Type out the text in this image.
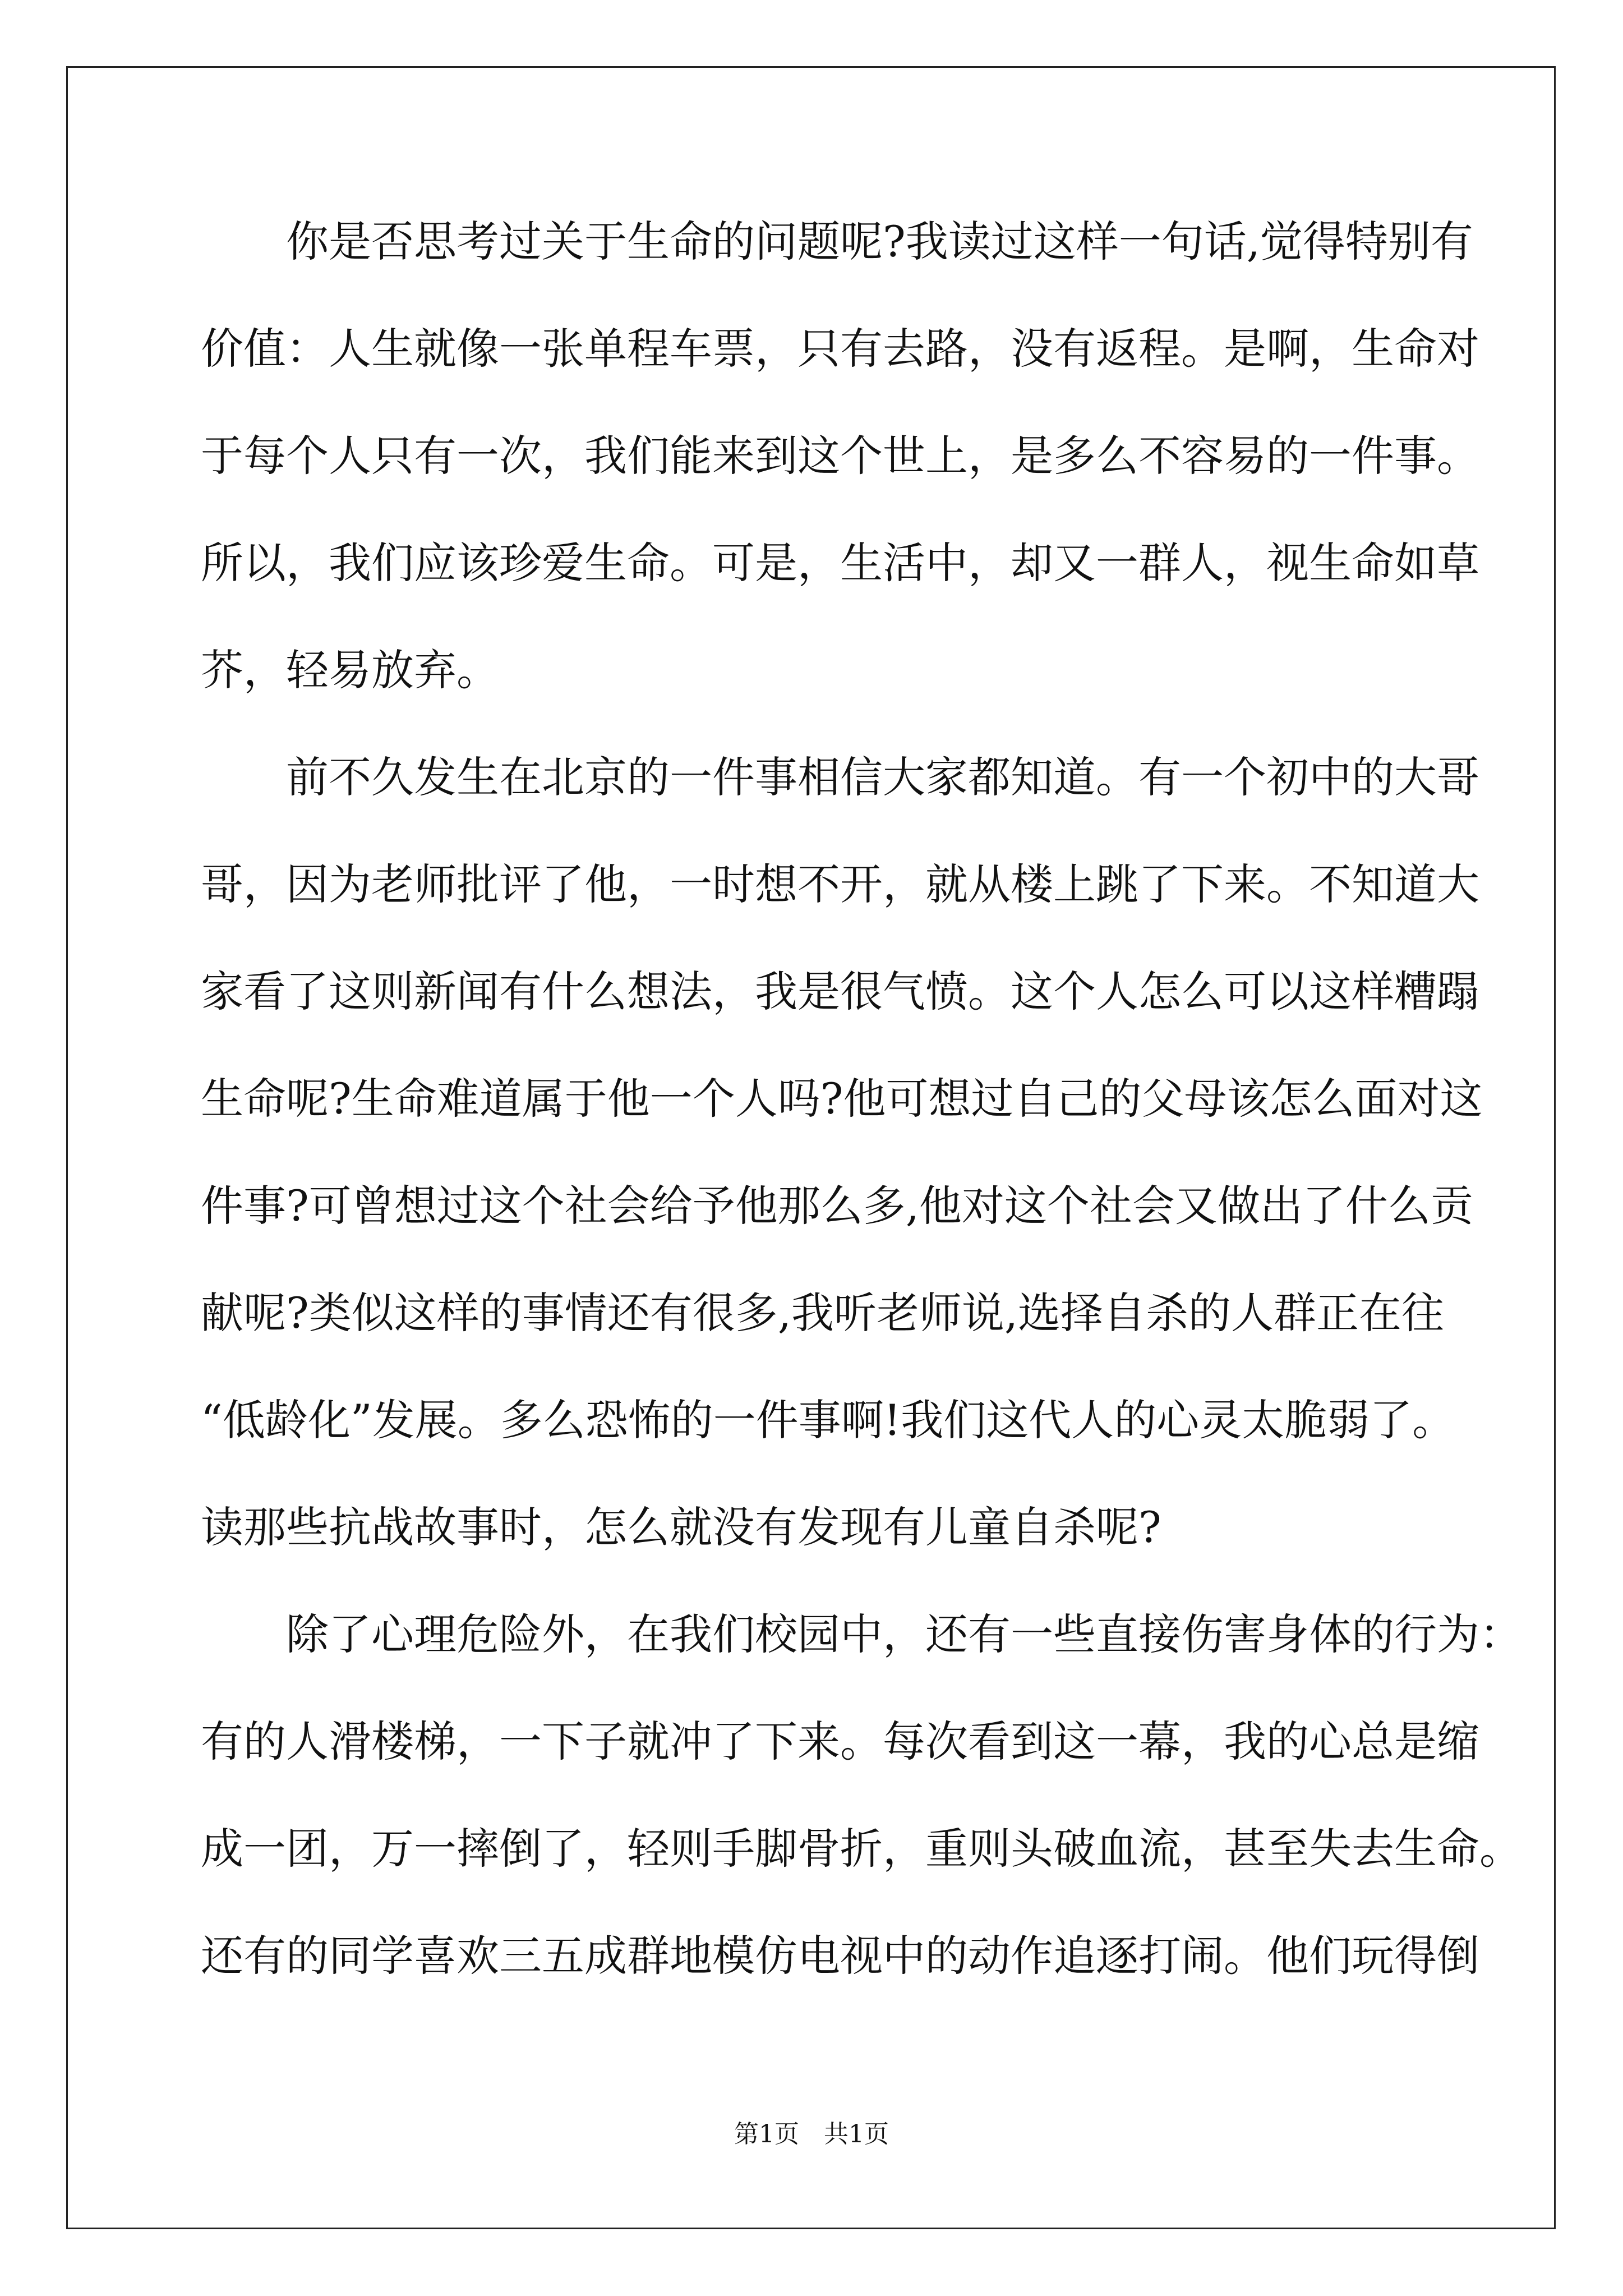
你是否思考过关于生命的问题呢?我读过这样一句话,觉得特别有
价值：人生就像一张单程车票，只有去路，没有返程。是啊，生命对
于每个人只有一次，我们能来到这个世上，是多么不容易的一件事。
所以，我们应该珍爱生命。可是，生活中，却又一群人，视生命如草
芥，轻易放弃。
前不久发生在北京的一件事相信大家都知道。有一个初中的大哥
哥，因为老师批评了他，一时想不开，就从楼上跳了下来。不知道大
家看了这则新闻有什么想法，我是很气愤。这个人怎么可以这样糟蹋
生命呢?生命难道属于他一个人吗?他可想过自己的父母该怎么面对这
件事?可曾想过这个社会给予他那么多,他对这个社会又做出了什么贡
献呢?类似这样的事情还有很多,我听老师说,选择自杀的人群正在往
“低龄化”发展。多么恐怖的一件事啊!我们这代人的心灵太脆弱了。
读那些抗战故事时，怎么就没有发现有儿童自杀呢?
除了心理危险外，在我们校园中，还有一些直接伤害身体的行为：
有的人滑楼梯，一下子就冲了下来。每次看到这一幕，我的心总是缩
成一团，万一摔倒了，轻则手脚骨折，重则头破血流，甚至失去生命。
还有的同学喜欢三五成群地模仿电视中的动作追逐打闹。他们玩得倒
第1页　共1页
